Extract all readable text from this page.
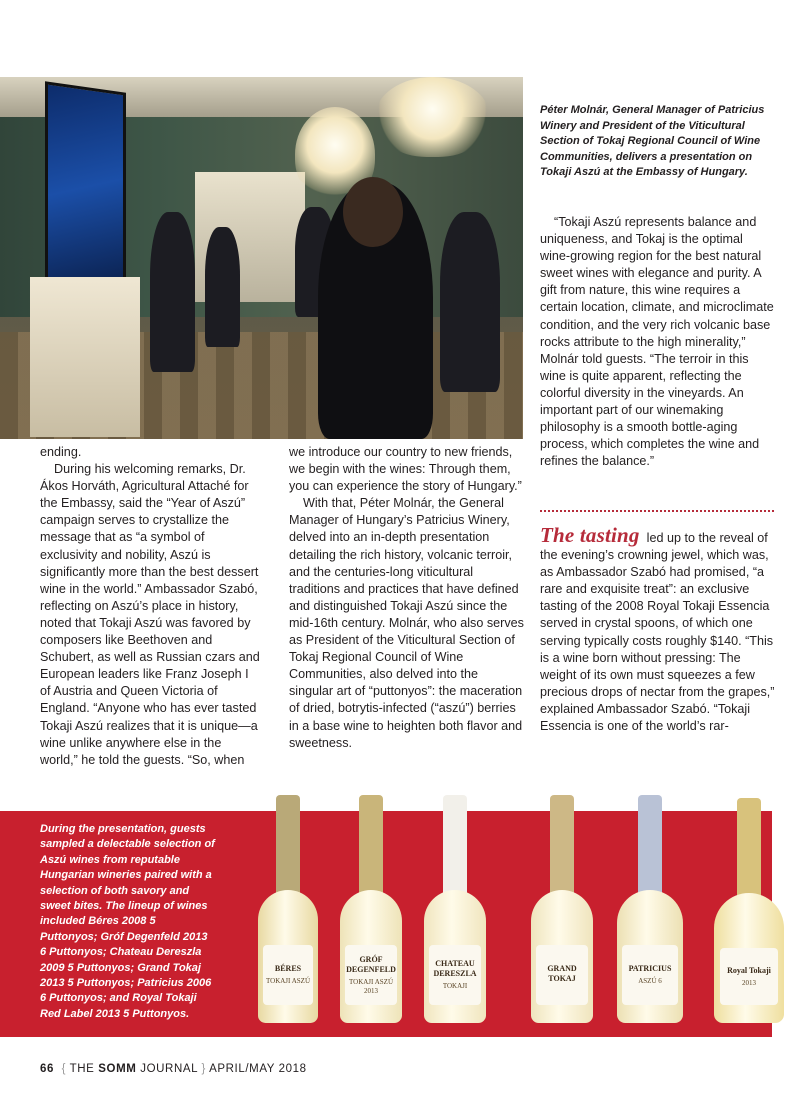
Péter Molnár, General Manager of Patricius Winery and President of the Viticultural Section of Tokaj Regional Council of Wine Communities, delivers a presentation on Tokaji Aszú at the Embassy of Hungary.

ending.

During his welcoming remarks, Dr. Ákos Horváth, Agricultural Attaché for the Embassy, said the “Year of Aszú” campaign serves to crystallize the message that as “a symbol of exclusivity and nobility, Aszú is significantly more than the best dessert wine in the world.” Ambassador Szabó, reflecting on Aszú’s place in history, noted that Tokaji Aszú was favored by composers like Beethoven and Schubert, as well as Russian czars and European leaders like Franz Joseph I of Austria and Queen Victoria of England. “Anyone who has ever tasted Tokaji Aszú realizes that it is unique—a wine unlike anywhere else in the world,” he told the guests. “So, when

we introduce our country to new friends, we begin with the wines: Through them, you can experience the story of Hungary.”

With that, Péter Molnár, the General Manager of Hungary’s Patricius Winery, delved into an in-depth presentation detailing the rich history, volcanic terroir, and the centuries-long viticultural traditions and practices that have defined and distinguished Tokaji Aszú since the mid-16th century. Molnár, who also serves as President of the Viticultural Section of Tokaj Regional Council of Wine Communities, also delved into the singular art of “puttonyos”: the maceration of dried, botrytis-infected (“aszú”) berries in a base wine to heighten both flavor and sweetness.

“Tokaji Aszú represents balance and uniqueness, and Tokaj is the optimal wine-growing region for the best natural sweet wines with elegance and purity. A gift from nature, this wine requires a certain location, climate, and microclimate condition, and the very rich volcanic base rocks attribute to the high minerality,” Molnár told guests. “The terroir in this wine is quite apparent, reflecting the colorful diversity in the vineyards. An important part of our winemaking philosophy is a smooth bottle-aging process, which completes the wine and refines the balance.”

The tasting led up to the reveal of the evening’s crowning jewel, which was, as Ambassador Szabó had promised, “a rare and exquisite treat”: an exclusive tasting of the 2008 Royal Tokaji Essencia served in crystal spoons, of which one serving typically costs roughly $140. “This is a wine born without pressing: The weight of its own must squeezes a few precious drops of nectar from the grapes,” explained Ambassador Szabó. “Tokaji Essencia is one of the world’s rar-

During the presentation, guests sampled a delectable selection of Aszú wines from reputable Hungarian wineries paired with a selection of both savory and sweet bites. The lineup of wines included Béres 2008 5 Puttonyos; Gróf Degenfeld 2013 6 Puttonyos; Chateau Dereszla 2009 5 Puttonyos; Grand Tokaj 2013 5 Puttonyos; Patricius 2006 6 Puttonyos; and Royal Tokaji Red Label 2013 5 Puttonyos.

BÉRES
TOKAJI ASZÚ
GRÓF DEGENFELD
TOKAJI ASZÚ 2013
CHATEAU DERESZLA
TOKAJI
GRAND TOKAJ
PATRICIUS
ASZÚ 6
Royal Tokaji
2013

66 { THE SOMM JOURNAL } APRIL/MAY 2018
